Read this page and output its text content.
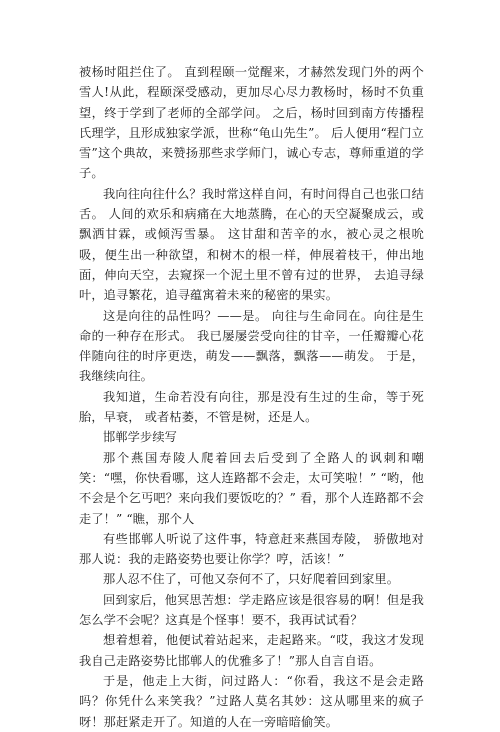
被杨时阻拦住了。 直到程颐一觉醒来，才赫然发现门外的两个雪人!从此，程颐深受感动，更加尽心尽力教杨时，杨时不负重望，终于学到了老师的全部学问。 之后，杨时回到南方传播程氏理学，且形成独家学派，世称“龟山先生”。 后人便用“程门立雪”这个典故，来赞扬那些求学师门，诚心专志，尊师重道的学子。

我向往向往什么？我时常这样自问，有时问得自己也张口结舌。 人间的欢乐和病痛在大地蒸腾，在心的天空凝聚成云，或飘洒甘霖，或倾泻雪暴。 这甘甜和苦辛的水，被心灵之根吮吸，便生出一种欲望，和树木的根一样，伸展着枝干，伸出地面，伸向天空，去窥探一个泥土里不曾有过的世界， 去追寻绿叶，追寻繁花，追寻蕴寓着未来的秘密的果实。

这是向往的品性吗？——是。 向往与生命同在。向往是生命的一种存在形式。 我已屡屡尝受向往的甘辛，一任瓣瓣心花伴随向往的时序更迭，萌发——飘落，飘落——萌发。 于是，我继续向往。

我知道，生命若没有向往，那是没有生过的生命，等于死胎，早衰， 或者枯萎，不管是树，还是人。

邯郸学步续写

那个燕国寿陵人爬着回去后受到了全路人的讽刺和嘲笑：“嘿，你快看哪，这人连路都不会走，太可笑啦！” “哟，他不会是个乞丐吧？来向我们要饭吃的？” 看，那个人连路都不会走了！” “瞧，那个人

有些邯郸人听说了这件事，特意赶来燕国寿陵， 骄傲地对那人说：我的走路姿势也要让你学？哼，活该！”

那人忍不住了，可他又奈何不了，只好爬着回到家里。

回到家后，他冥思苦想：学走路应该是很容易的啊！但是我怎么学不会呢？这真是个怪事！要不，我再试试看？

想着想着，他便试着站起来，走起路来。“哎，我这才发现我自己走路姿势比邯郸人的优雅多了！”那人自言自语。

于是，他走上大街，问过路人：“你看，我这不是会走路吗？你凭什么来笑我？”过路人莫名其妙：这从哪里来的疯子呀！那赶紧走开了。知道的人在一旁暗暗偷笑。
